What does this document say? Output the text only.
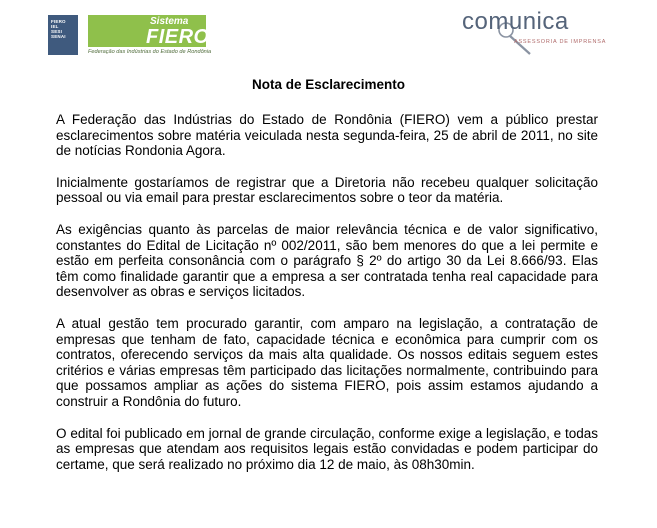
FIERO
IEL
SESI
SENAI
Sistema
FIERO
Federação das Indústrias do Estado de Rondônia
comunica
ASSESSORIA DE IMPRENSA
Nota de Esclarecimento

A Federação das Indústrias do Estado de Rondônia (FIERO) vem a público prestar esclarecimentos sobre matéria veiculada nesta segunda-feira, 25 de abril de 2011, no site de notícias Rondonia Agora.

Inicialmente gostaríamos de registrar que a Diretoria não recebeu qualquer solicitação pessoal ou via email para prestar esclarecimentos sobre o teor da matéria.

As exigências quanto às parcelas de maior relevância técnica e de valor significativo, constantes do Edital de Licitação nº 002/2011, são bem menores do que a lei permite e estão em perfeita consonância com o parágrafo § 2º do artigo 30 da Lei 8.666/93. Elas têm como finalidade garantir que a empresa a ser contratada tenha real capacidade para desenvolver as obras e serviços licitados.

A atual gestão tem procurado garantir, com amparo na legislação, a contratação de empresas que tenham de fato, capacidade técnica e econômica para cumprir com os contratos, oferecendo serviços da mais alta qualidade. Os nossos editais seguem estes critérios e várias empresas têm participado das licitações normalmente, contribuindo para que possamos ampliar as ações do sistema FIERO, pois assim estamos ajudando a construir a Rondônia do futuro.

O edital foi publicado em jornal de grande circulação, conforme exige a legislação, e todas as empresas que atendam aos requisitos legais estão convidadas e podem participar do certame, que será realizado no próximo dia 12 de maio, às 08h30min.
